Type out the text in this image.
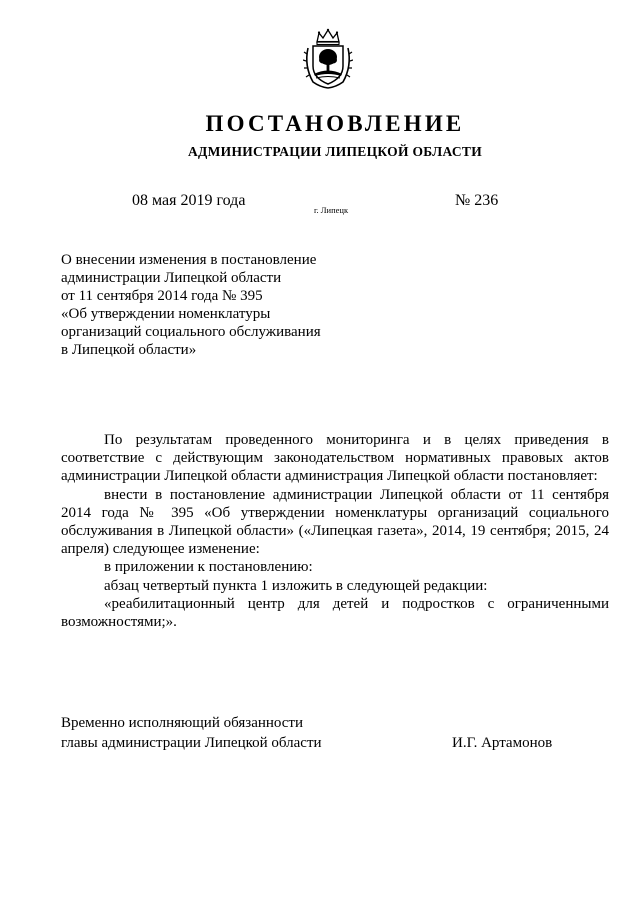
ПОСТАНОВЛЕНИЕ
АДМИНИСТРАЦИИ ЛИПЕЦКОЙ ОБЛАСТИ
08 мая 2019 года
г. Липецк
№ 236
О внесении изменения в постановление
администрации Липецкой области
от 11 сентября 2014 года № 395
«Об утверждении номенклатуры
организаций социального обслуживания
в Липецкой области»

По результатам проведенного мониторинга и в целях приведения в соответствие с действующим законодательством нормативных правовых актов администрации Липецкой области администрация Липецкой области постановляет:

внести в постановление администрации Липецкой области от 11 сентября 2014 года № 395 «Об утверждении номенклатуры организаций социального обслуживания в Липецкой области» («Липецкая газета», 2014, 19 сентября; 2015, 24 апреля) следующее изменение:

в приложении к постановлению:

абзац четвертый пункта 1 изложить в следующей редакции:

«реабилитационный центр для детей и подростков с ограниченными возможностями;».

Временно исполняющий обязанности
главы администрации Липецкой области	И.Г. Артамонов
